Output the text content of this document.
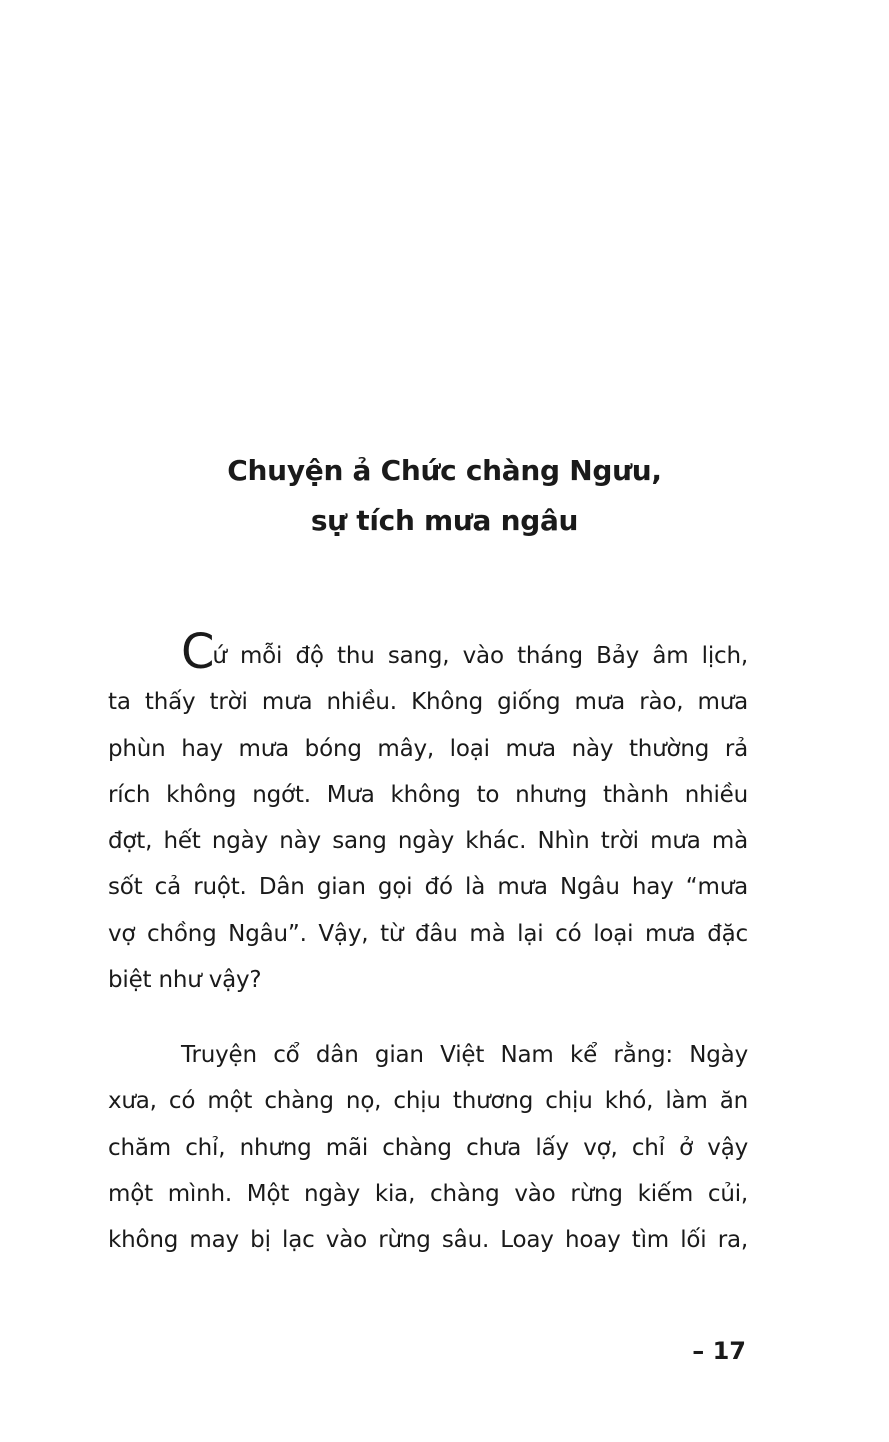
Chuyện ả Chức chàng Ngưu,
sự tích mưa ngâu
Cứ mỗi độ thu sang, vào tháng Bảy âm lịch,
ta thấy trời mưa nhiều. Không giống mưa rào, mưa
phùn hay mưa bóng mây, loại mưa này thường rả
rích không ngớt. Mưa không to nhưng thành nhiều
đợt, hết ngày này sang ngày khác. Nhìn trời mưa mà
sốt cả ruột. Dân gian gọi đó là mưa Ngâu hay “mưa
vợ chồng Ngâu”. Vậy, từ đâu mà lại có loại mưa đặc
biệt như vậy?
Truyện cổ dân gian Việt Nam kể rằng: Ngày
xưa, có một chàng nọ, chịu thương chịu khó, làm ăn
chăm chỉ, nhưng mãi chàng chưa lấy vợ, chỉ ở vậy
một mình. Một ngày kia, chàng vào rừng kiếm củi,
không may bị lạc vào rừng sâu. Loay hoay tìm lối ra,
– 17
